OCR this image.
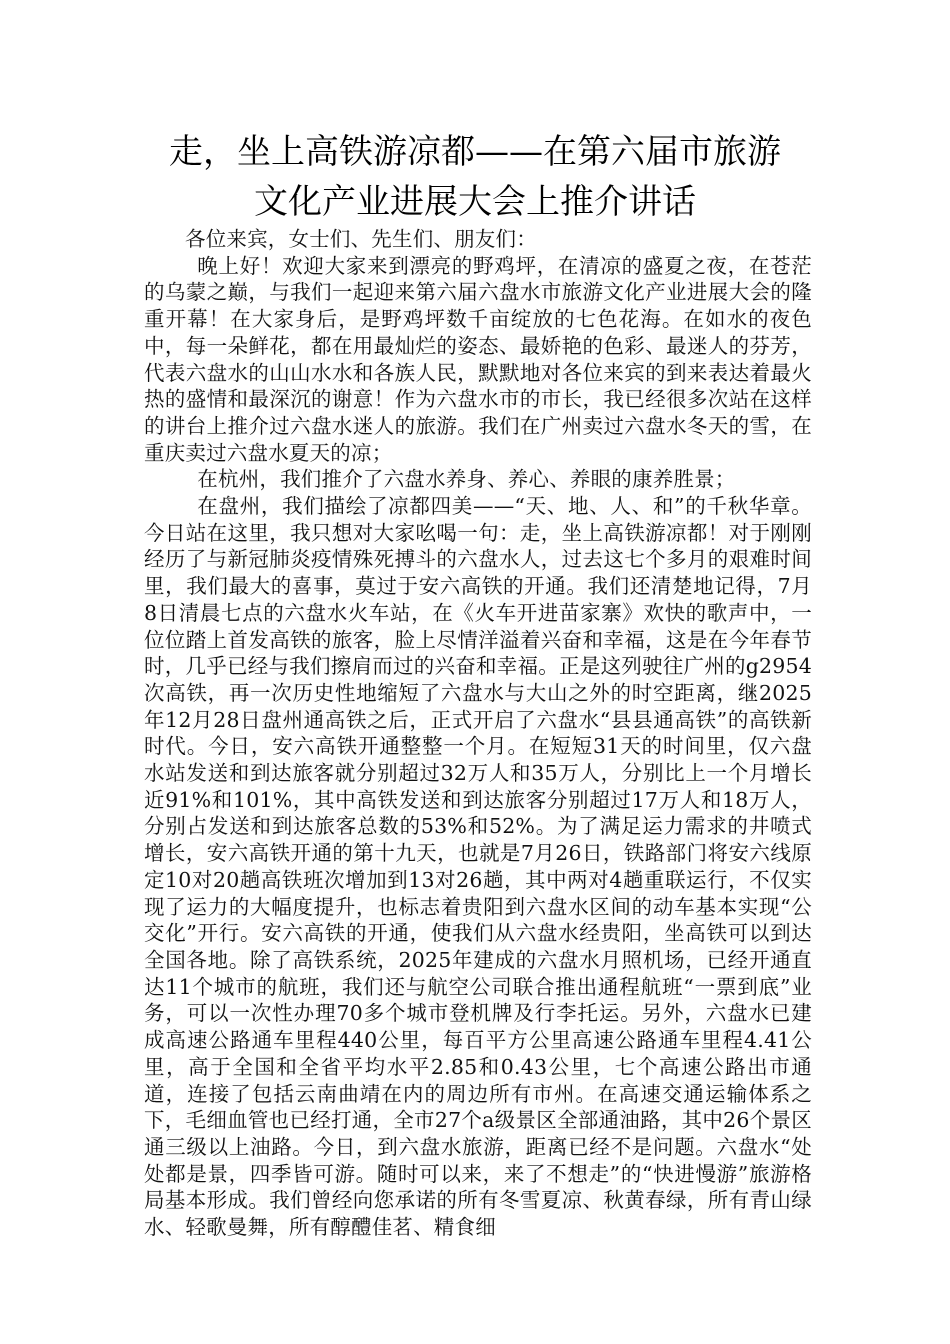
走，坐上高铁游凉都——在第六届市旅游
文化产业进展大会上推介讲话

各位来宾，女士们、先生们、朋友们：

晚上好！欢迎大家来到漂亮的野鸡坪，在清凉的盛夏之夜，在苍茫的乌蒙之巅，与我们一起迎来第六届六盘水市旅游文化产业进展大会的隆重开幕！在大家身后，是野鸡坪数千亩绽放的七色花海。在如水的夜色中，每一朵鲜花，都在用最灿烂的姿态、最娇艳的色彩、最迷人的芬芳，代表六盘水的山山水水和各族人民，默默地对各位来宾的到来表达着最火热的盛情和最深沉的谢意！作为六盘水市的市长，我已经很多次站在这样的讲台上推介过六盘水迷人的旅游。我们在广州卖过六盘水冬天的雪，在重庆卖过六盘水夏天的凉；

在杭州，我们推介了六盘水养身、养心、养眼的康养胜景；

在盘州，我们描绘了凉都四美——“天、地、人、和”的千秋华章。今日站在这里，我只想对大家吆喝一句：走，坐上高铁游凉都！对于刚刚经历了与新冠肺炎疫情殊死搏斗的六盘水人，过去这七个多月的艰难时间里，我们最大的喜事，莫过于安六高铁的开通。我们还清楚地记得，7月8日清晨七点的六盘水火车站，在《火车开进苗家寨》欢快的歌声中，一位位踏上首发高铁的旅客，脸上尽情洋溢着兴奋和幸福，这是在今年春节时，几乎已经与我们擦肩而过的兴奋和幸福。正是这列驶往广州的g2954次高铁，再一次历史性地缩短了六盘水与大山之外的时空距离，继2025年12月28日盘州通高铁之后，正式开启了六盘水“县县通高铁”的高铁新时代。今日，安六高铁开通整整一个月。在短短31天的时间里，仅六盘水站发送和到达旅客就分别超过32万人和35万人，分别比上一个月增长近91%和101%，其中高铁发送和到达旅客分别超过17万人和18万人，分别占发送和到达旅客总数的53%和52%。为了满足运力需求的井喷式增长，安六高铁开通的第十九天，也就是7月26日，铁路部门将安六线原定10对20趟高铁班次增加到13对26趟，其中两对4趟重联运行，不仅实现了运力的大幅度提升，也标志着贵阳到六盘水区间的动车基本实现“公交化”开行。安六高铁的开通，使我们从六盘水经贵阳，坐高铁可以到达全国各地。除了高铁系统，2025年建成的六盘水月照机场，已经开通直达11个城市的航班，我们还与航空公司联合推出通程航班“一票到底”业务，可以一次性办理70多个城市登机牌及行李托运。另外，六盘水已建成高速公路通车里程440公里，每百平方公里高速公路通车里程4.41公里，高于全国和全省平均水平2.85和0.43公里，七个高速公路出市通道，连接了包括云南曲靖在内的周边所有市州。在高速交通运输体系之下，毛细血管也已经打通，全市27个a级景区全部通油路，其中26个景区通三级以上油路。今日，到六盘水旅游，距离已经不是问题。六盘水“处处都是景，四季皆可游。随时可以来，来了不想走”的“快进慢游”旅游格局基本形成。我们曾经向您承诺的所有冬雪夏凉、秋黄春绿，所有青山绿水、轻歌曼舞，所有醇醴佳茗、精食细
